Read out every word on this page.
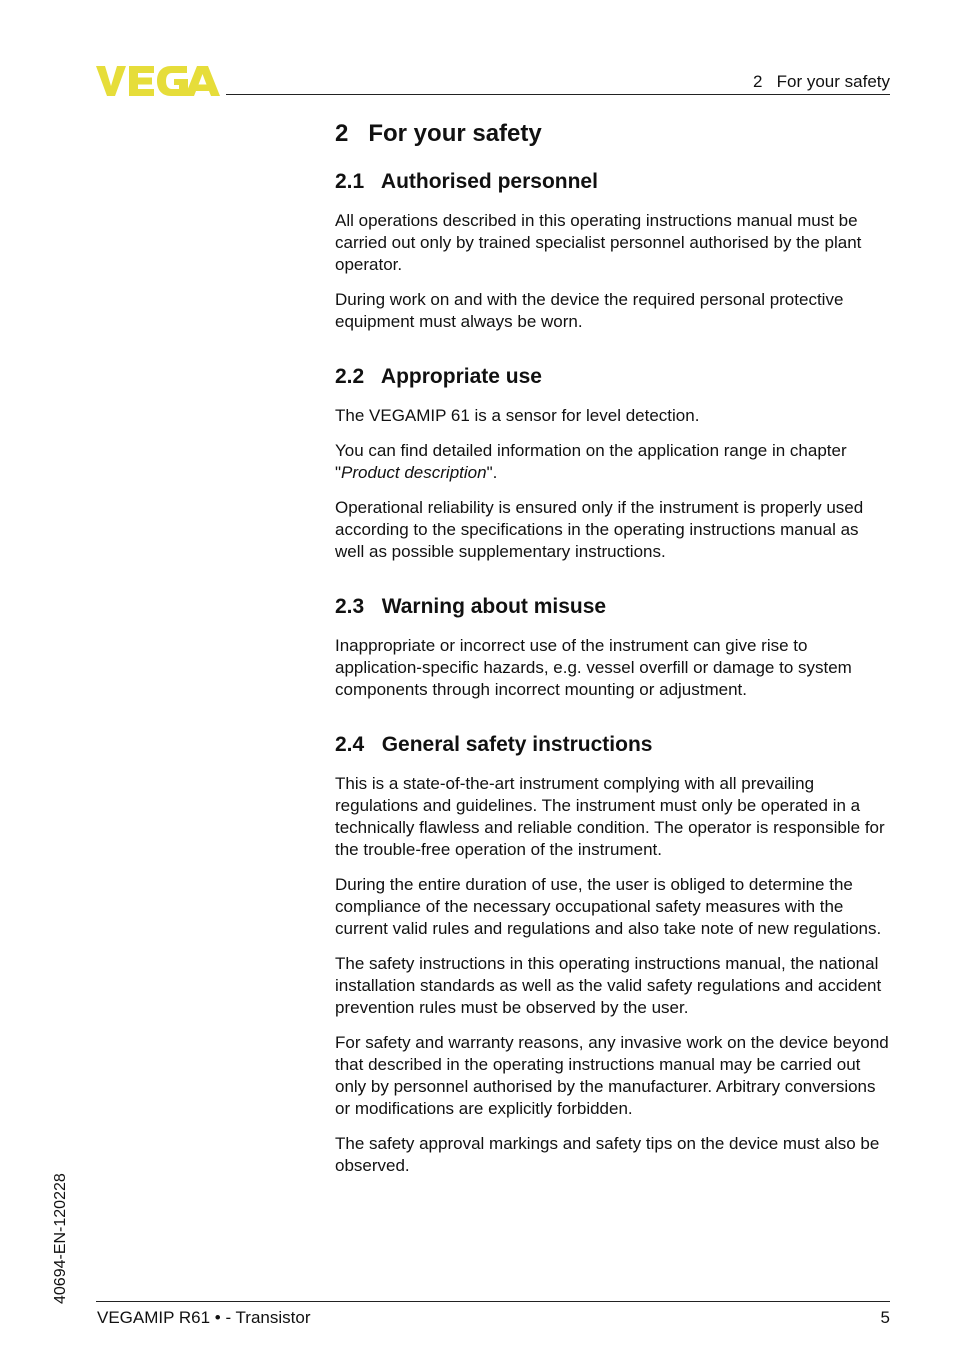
2   For your safety
2   For your safety
2.1   Authorised personnel

All operations described in this operating instructions manual must be carried out only by trained specialist personnel authorised by the plant operator.

During work on and with the device the required personal protective equipment must always be worn.

2.2   Appropriate use

The VEGAMIP 61 is a sensor for level detection.

You can find detailed information on the application range in chapter "Product description".

Operational reliability is ensured only if the instrument is properly used according to the specifications in the operating instructions manual as well as possible supplementary instructions.

2.3   Warning about misuse

Inappropriate or incorrect use of the instrument can give rise to application-specific hazards, e.g. vessel overfill or damage to system components through incorrect mounting or adjustment.

2.4   General safety instructions

This is a state-of-the-art instrument complying with all prevailing regulations and guidelines. The instrument must only be operated in a technically flawless and reliable condition. The operator is responsible for the trouble-free operation of the instrument.

During the entire duration of use, the user is obliged to determine the compliance of the necessary occupational safety measures with the current valid rules and regulations and also take note of new regulations.

The safety instructions in this operating instructions manual, the national installation standards as well as the valid safety regulations and accident prevention rules must be observed by the user.

For safety and warranty reasons, any invasive work on the device beyond that described in the operating instructions manual may be carried out only by personnel authorised by the manufacturer. Arbitrary conversions or modifications are explicitly forbidden.

The safety approval markings and safety tips on the device must also be observed.

40694-EN-120228
VEGAMIP R61 • - Transistor	5
